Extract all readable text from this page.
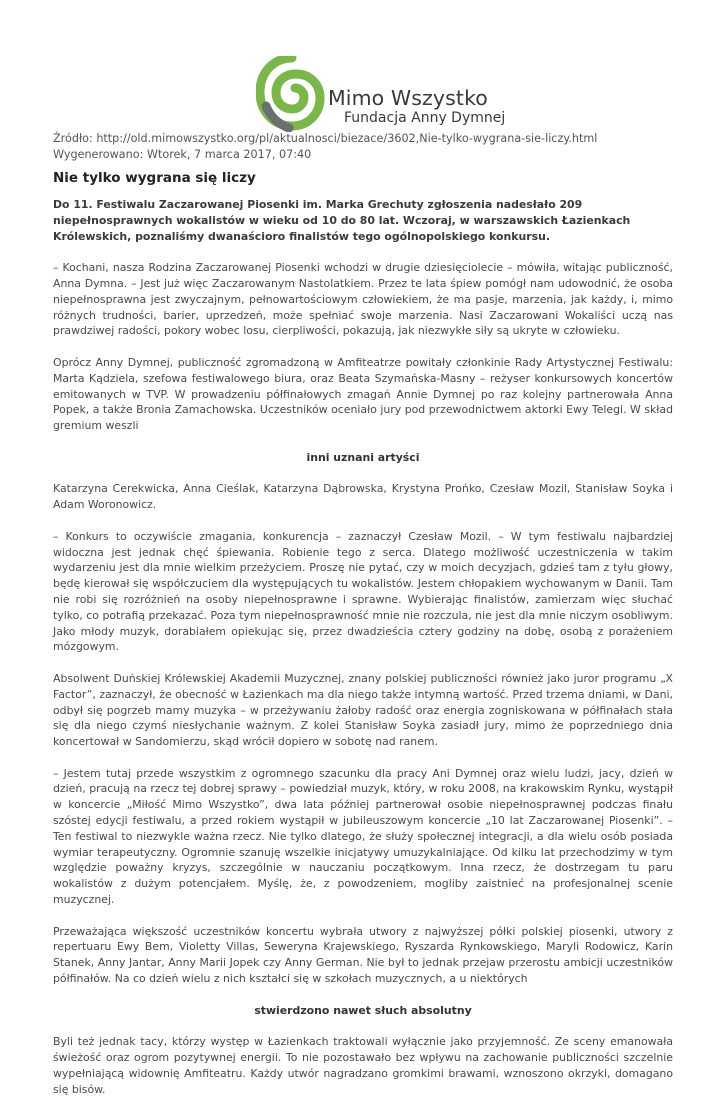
Mimo Wszystko
Fundacja Anny Dymnej
Źródło: http://old.mimowszystko.org/pl/aktualnosci/biezace/3602,Nie-tylko-wygrana-sie-liczy.html
Wygenerowano: Wtorek, 7 marca 2017, 07:40
Nie tylko wygrana się liczy

Do 11. Festiwalu Zaczarowanej Piosenki im. Marka Grechuty zgłoszenia nadesłało 209 niepełnosprawnych wokalistów w wieku od 10 do 80 lat. Wczoraj, w warszawskich Łazienkach Królewskich, poznaliśmy dwanaścioro finalistów tego ogólnopolskiego konkursu.

– Kochani, nasza Rodzina Zaczarowanej Piosenki wchodzi w drugie dziesięciolecie – mówiła, witając publiczność, Anna Dymna. – Jest już więc Zaczarowanym Nastolatkiem. Przez te lata śpiew pomógł nam udowodnić, że osoba niepełnosprawna jest zwyczajnym, pełnowartościowym człowiekiem, że ma pasje, marzenia, jak każdy, i, mimo różnych trudności, barier, uprzedzeń, może spełniać swoje marzenia. Nasi Zaczarowani Wokaliści uczą nas prawdziwej radości, pokory wobec losu, cierpliwości, pokazują, jak niezwykłe siły są ukryte w człowieku.

Oprócz Anny Dymnej, publiczność zgromadzoną w Amfiteatrze powitały członkinie Rady Artystycznej Festiwalu: Marta Kądziela, szefowa festiwalowego biura, oraz Beata Szymańska-Masny – reżyser konkursowych koncertów emitowanych w TVP. W prowadzeniu półfinałowych zmagań Annie Dymnej po raz kolejny partnerowała Anna Popek, a także Bronia Zamachowska. Uczestników oceniało jury pod przewodnictwem aktorki Ewy Telegi. W skład gremium weszli

inni uznani artyści

Katarzyna Cerekwicka, Anna Cieślak, Katarzyna Dąbrowska, Krystyna Prońko, Czesław Mozil, Stanisław Soyka i Adam Woronowicz.

– Konkurs to oczywiście zmagania, konkurencja – zaznaczył Czesław Mozil. – W tym festiwalu najbardziej widoczna jest jednak chęć śpiewania. Robienie tego z serca. Dlatego możliwość uczestniczenia w takim wydarzeniu jest dla mnie wielkim przeżyciem. Proszę nie pytać, czy w moich decyzjach, gdzieś tam z tyłu głowy, będę kierował się współczuciem dla występujących tu wokalistów. Jestem chłopakiem wychowanym w Danii. Tam nie robi się rozróżnień na osoby niepełnosprawne i sprawne. Wybierając finalistów, zamierzam więc słuchać tylko, co potrafią przekazać. Poza tym niepełnosprawność mnie nie rozczula, nie jest dla mnie niczym osobliwym. Jako młody muzyk, dorabiałem opiekując się, przez dwadzieścia cztery godziny na dobę, osobą z porażeniem mózgowym.

Absolwent Duńskiej Królewskiej Akademii Muzycznej, znany polskiej publiczności również jako juror programu „X Factor”, zaznaczył, że obecność w Łazienkach ma dla niego także intymną wartość. Przed trzema dniami, w Dani, odbył się pogrzeb mamy muzyka – w przeżywaniu żałoby radość oraz energia zogniskowana w półfinałach stała się dla niego czymś niesłychanie ważnym. Z kolei Stanisław Soyka zasiadł jury, mimo że poprzedniego dnia koncertował w Sandomierzu, skąd wrócił dopiero w sobotę nad ranem.

– Jestem tutaj przede wszystkim z ogromnego szacunku dla pracy Ani Dymnej oraz wielu ludzi, jacy, dzień w dzień, pracują na rzecz tej dobrej sprawy – powiedział muzyk, który, w roku 2008, na krakowskim Rynku, wystąpił w koncercie „Miłość Mimo Wszystko”, dwa lata później partnerował osobie niepełnosprawnej podczas finału szóstej edycji festiwalu, a przed rokiem wystąpił w jubileuszowym koncercie „10 lat Zaczarowanej Piosenki”. – Ten festiwal to niezwykle ważna rzecz. Nie tylko dlatego, że służy społecznej integracji, a dla wielu osób posiada wymiar terapeutyczny. Ogromnie szanuję wszelkie inicjatywy umuzykalniające. Od kilku lat przechodzimy w tym względzie poważny kryzys, szczególnie w nauczaniu początkowym. Inna rzecz, że dostrzegam tu paru wokalistów z dużym potencjałem. Myślę, że, z powodzeniem, mogliby zaistnieć na profesjonalnej scenie muzycznej.

Przeważająca większość uczestników koncertu wybrała utwory z najwyższej półki polskiej piosenki, utwory z repertuaru Ewy Bem, Violetty Villas, Seweryna Krajewskiego, Ryszarda Rynkowskiego, Maryli Rodowicz, Karin Stanek, Anny Jantar, Anny Marii Jopek czy Anny German. Nie był to jednak przejaw przerostu ambicji uczestników półfinałów. Na co dzień wielu z nich kształci się w szkołach muzycznych, a u niektórych

stwierdzono nawet słuch absolutny

Byli też jednak tacy, którzy występ w Łazienkach traktowali wyłącznie jako przyjemność. Ze sceny emanowała świeżość oraz ogrom pozytywnej energii. To nie pozostawało bez wpływu na zachowanie publiczności szczelnie wypełniającą widownię Amfiteatru. Każdy utwór nagradzano gromkimi brawami, wznoszono okrzyki, domagano się bisów.
